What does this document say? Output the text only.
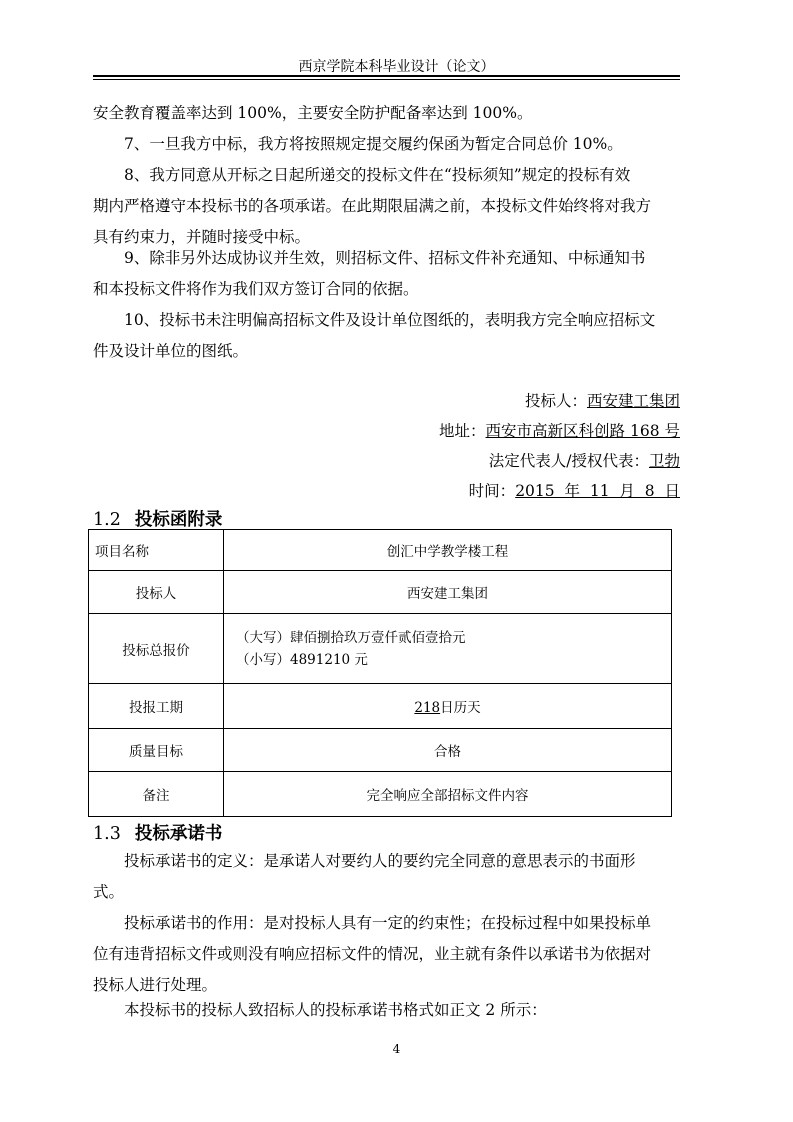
西京学院本科毕业设计（论文）
安全教育覆盖率达到 100%，主要安全防护配备率达到 100%。
7、一旦我方中标，我方将按照规定提交履约保函为暂定合同总价 10%。
8、我方同意从开标之日起所递交的投标文件在“投标须知”规定的投标有效
期内严格遵守本投标书的各项承诺。在此期限届满之前，本投标文件始终将对我方
具有约束力，并随时接受中标。
9、除非另外达成协议并生效，则招标文件、招标文件补充通知、中标通知书
和本投标文件将作为我们双方签订合同的依据。
10、投标书未注明偏高招标文件及设计单位图纸的，表明我方完全响应招标文
件及设计单位的图纸。
投标人：西安建工集团
地址：西安市高新区科创路 168 号
法定代表人/授权代表：卫勃
时间：2015  年  11  月  8  日
1.2 投标函附录
项目名称	创汇中学教学楼工程
投标人	西安建工集团
投标总报价	（大写）肆佰捌拾玖万壹仟贰佰壹拾元
（小写）4891210 元

投报工期	218日历天
质量目标	合格
备注	完全响应全部招标文件内容
1.3 投标承诺书
投标承诺书的定义：是承诺人对要约人的要约完全同意的意思表示的书面形
式。
投标承诺书的作用：是对投标人具有一定的约束性；在投标过程中如果投标单
位有违背招标文件或则没有响应招标文件的情况，业主就有条件以承诺书为依据对
投标人进行处理。
本投标书的投标人致招标人的投标承诺书格式如正文 2 所示：
4
